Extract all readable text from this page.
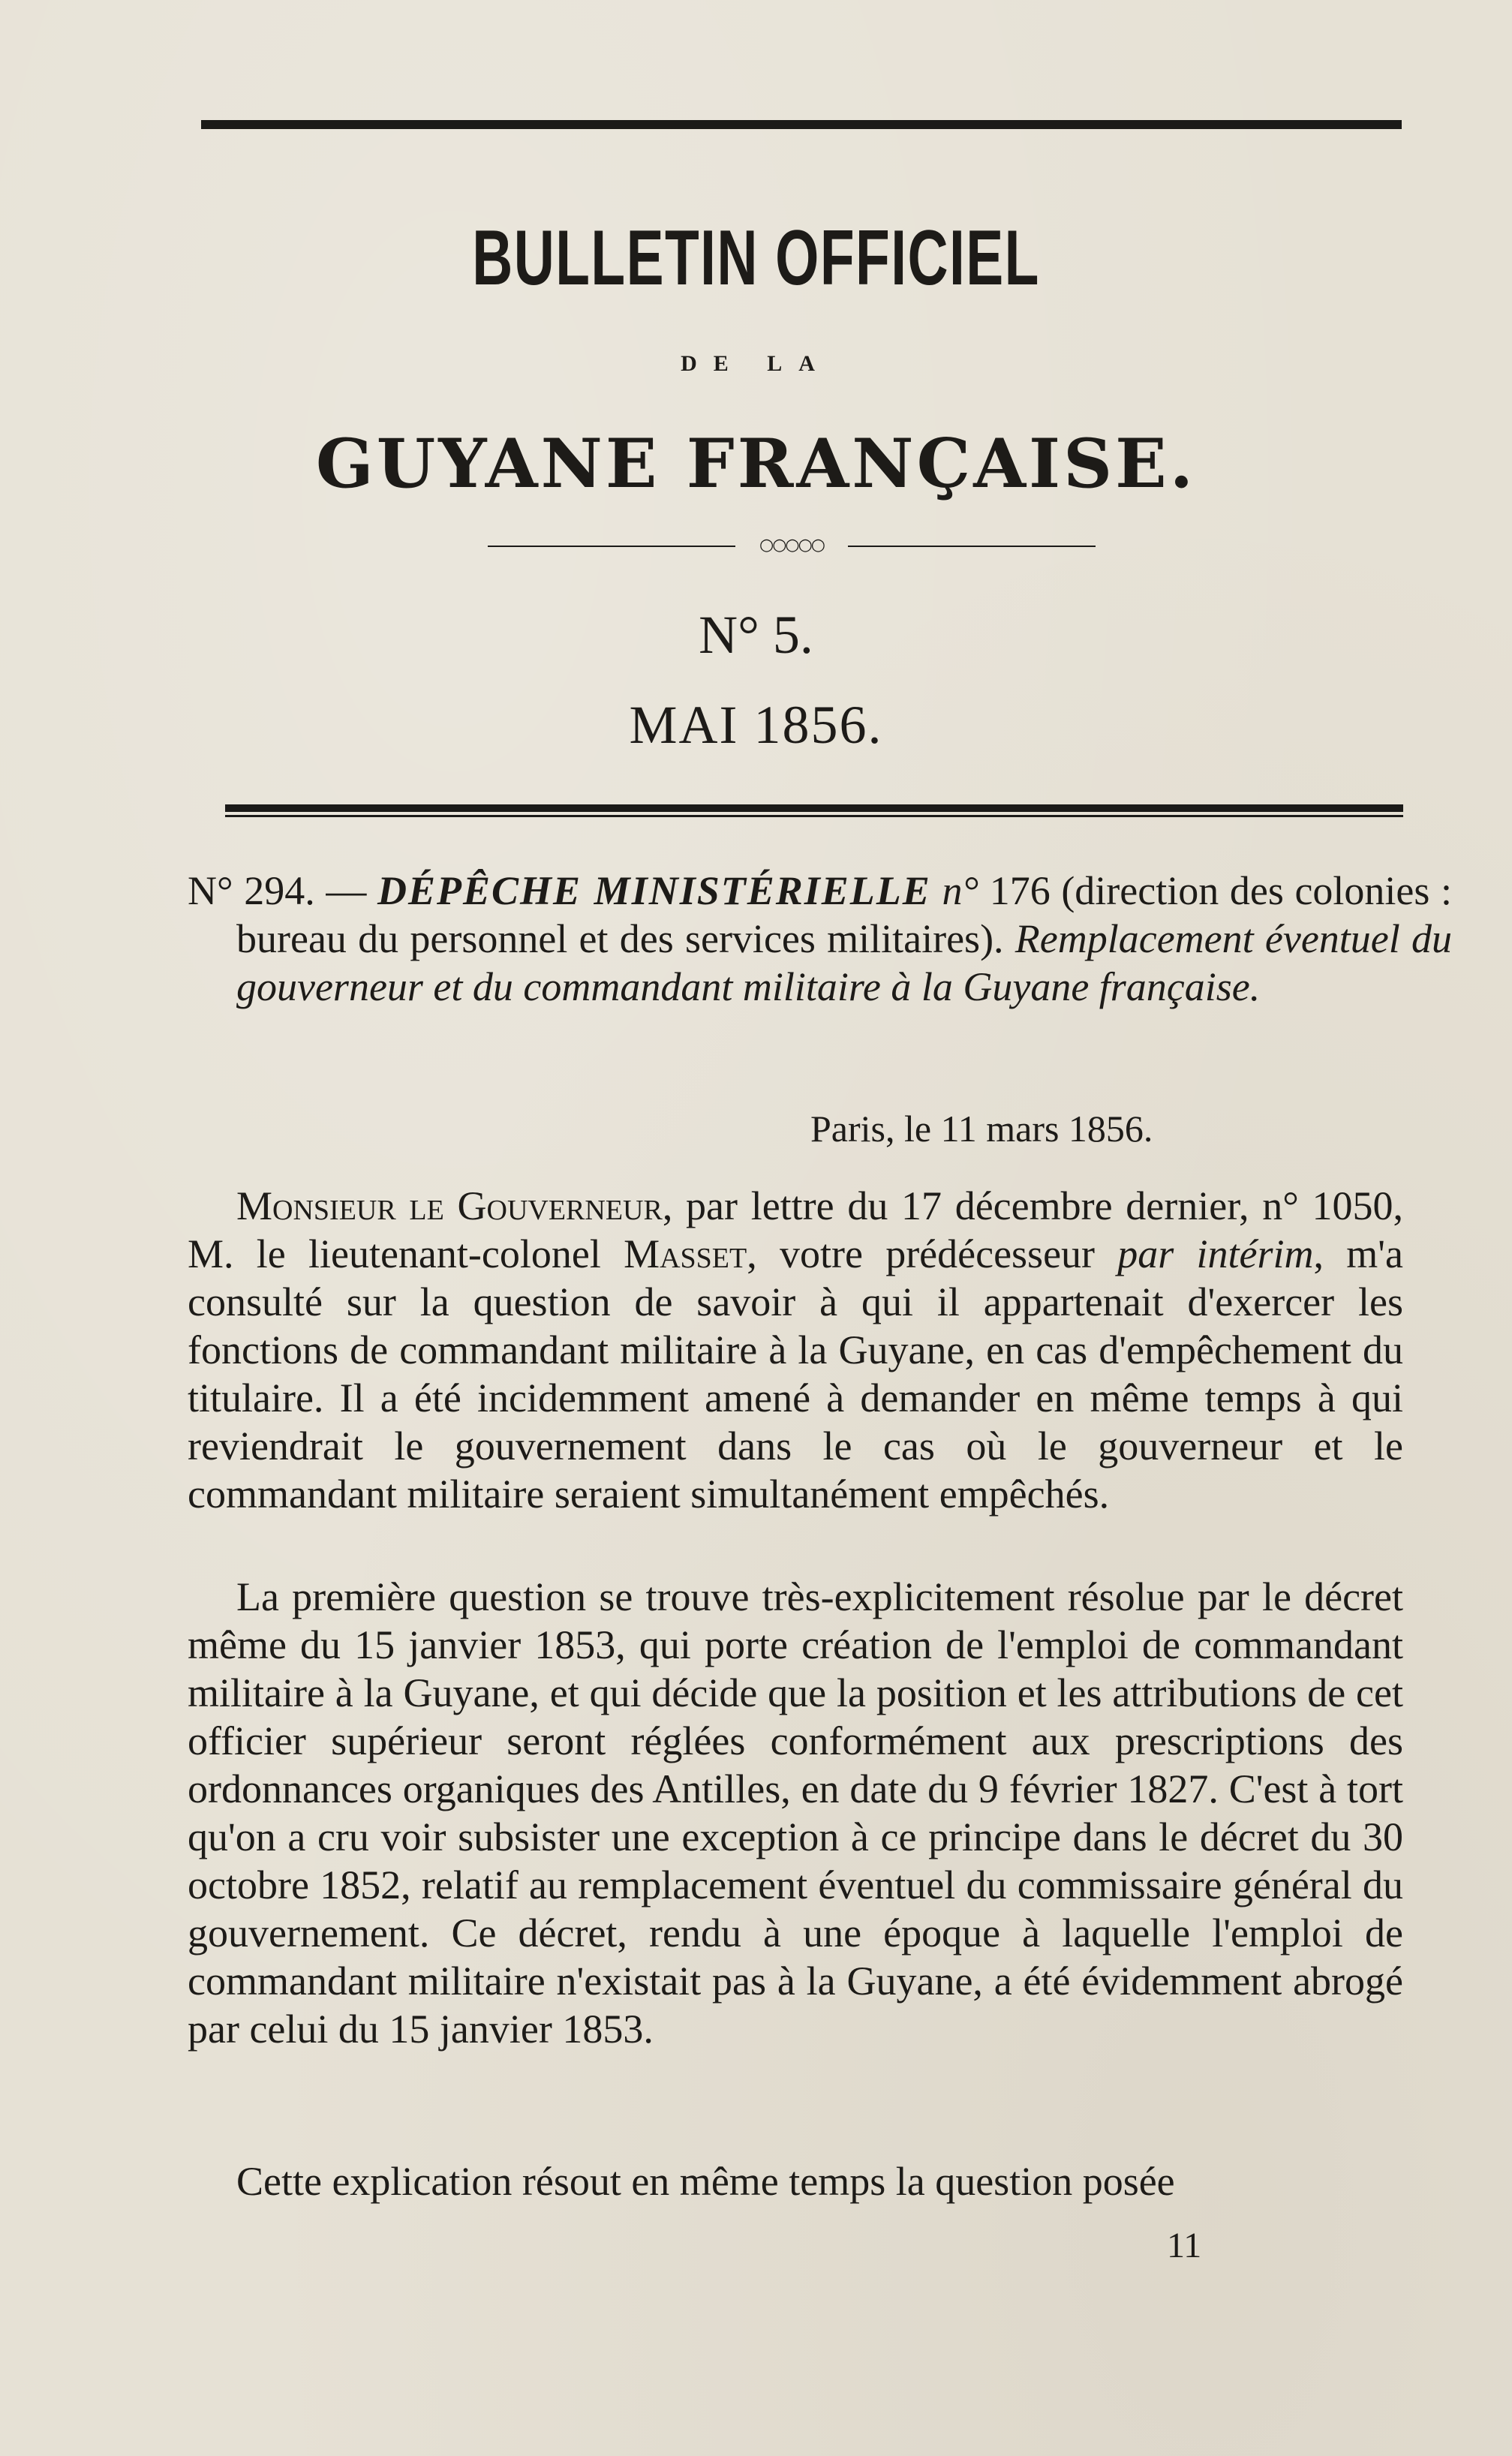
BULLETIN OFFICIEL
DE LA
GUYANE FRANÇAISE.
○○○○○
N° 5.
MAI 1856.

N° 294. — DÉPÊCHE MINISTÉRIELLE n° 176 (direction des colonies : bureau du personnel et des services militaires). Remplacement éventuel du gouverneur et du commandant militaire à la Guyane française.

Paris, le 11 mars 1856.

Monsieur le Gouverneur, par lettre du 17 décembre dernier, n° 1050, M. le lieutenant-colonel Masset, votre prédécesseur par intérim, m'a consulté sur la question de savoir à qui il appartenait d'exercer les fonctions de commandant militaire à la Guyane, en cas d'empêchement du titulaire. Il a été incidemment amené à demander en même temps à qui reviendrait le gouvernement dans le cas où le gouverneur et le commandant militaire seraient simultanément empêchés.

La première question se trouve très-explicitement résolue par le décret même du 15 janvier 1853, qui porte création de l'emploi de commandant militaire à la Guyane, et qui décide que la position et les attributions de cet officier supérieur seront réglées conformément aux prescriptions des ordonnances organiques des Antilles, en date du 9 février 1827. C'est à tort qu'on a cru voir subsister une exception à ce principe dans le décret du 30 octobre 1852, relatif au remplacement éventuel du commissaire général du gouvernement. Ce décret, rendu à une époque à laquelle l'emploi de commandant militaire n'existait pas à la Guyane, a été évidemment abrogé par celui du 15 janvier 1853.

Cette explication résout en même temps la question posée

11
